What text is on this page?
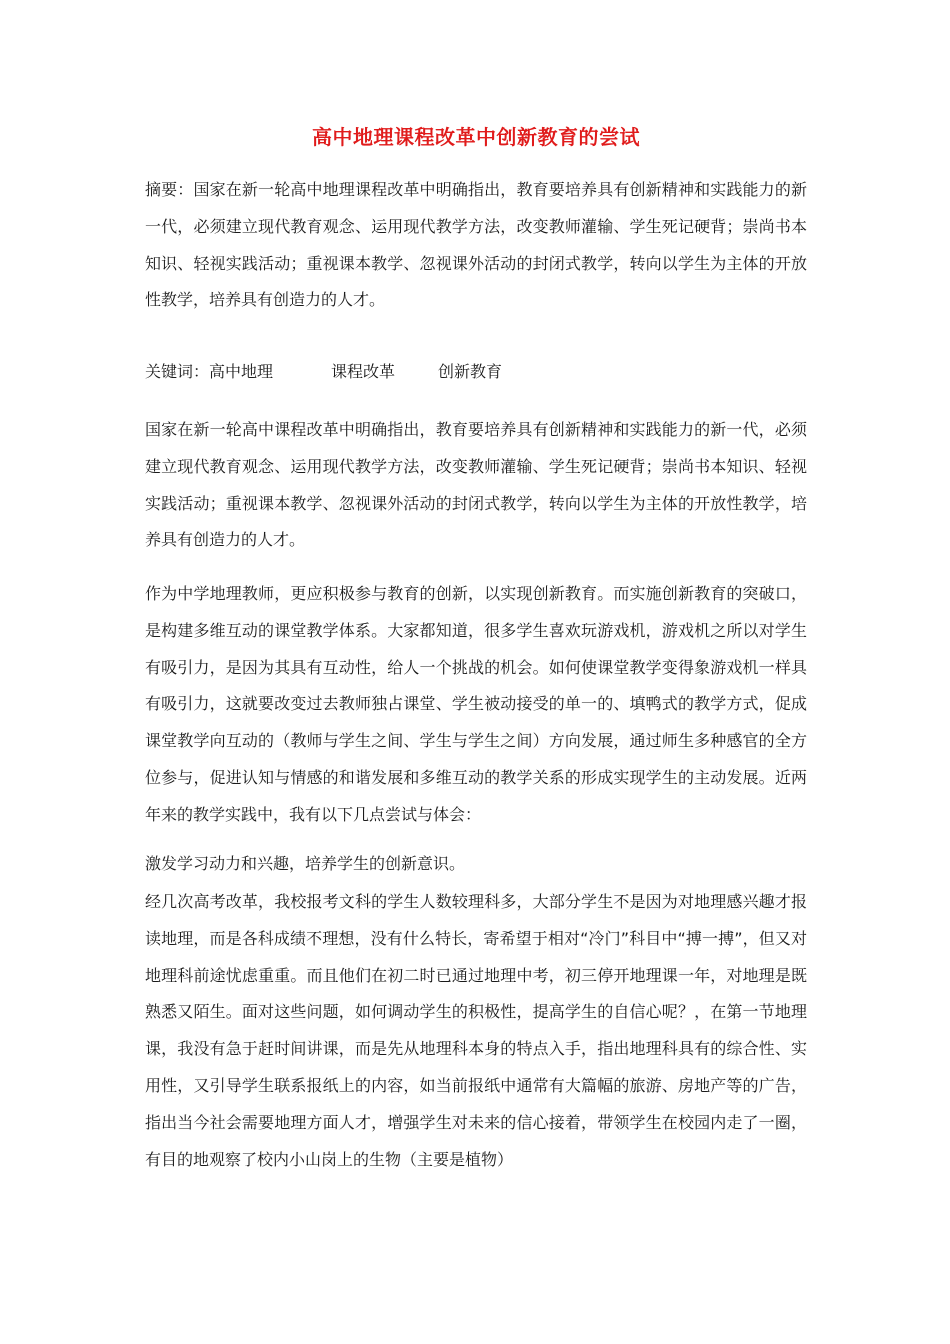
高中地理课程改革中创新教育的尝试
摘要：国家在新一轮高中地理课程改革中明确指出，教育要培养具有创新精神和实践能力的新一代，必须建立现代教育观念、运用现代教学方法，改变教师灌输、学生死记硬背；崇尚书本知识、轻视实践活动；重视课本教学、忽视课外活动的封闭式教学，转向以学生为主体的开放性教学，培养具有创造力的人才。
关键词：高中地理	课程改革	创新教育
国家在新一轮高中课程改革中明确指出，教育要培养具有创新精神和实践能力的新一代，必须建立现代教育观念、运用现代教学方法，改变教师灌输、学生死记硬背；崇尚书本知识、轻视实践活动；重视课本教学、忽视课外活动的封闭式教学，转向以学生为主体的开放性教学，培养具有创造力的人才。
作为中学地理教师，更应积极参与教育的创新，以实现创新教育。而实施创新教育的突破口，是构建多维互动的课堂教学体系。大家都知道，很多学生喜欢玩游戏机，游戏机之所以对学生有吸引力，是因为其具有互动性，给人一个挑战的机会。如何使课堂教学变得象游戏机一样具有吸引力，这就要改变过去教师独占课堂、学生被动接受的单一的、填鸭式的教学方式，促成课堂教学向互动的（教师与学生之间、学生与学生之间）方向发展，通过师生多种感官的全方位参与，促进认知与情感的和谐发展和多维互动的教学关系的形成实现学生的主动发展。近两年来的教学实践中，我有以下几点尝试与体会：
激发学习动力和兴趣，培养学生的创新意识。
经几次高考改革，我校报考文科的学生人数较理科多，大部分学生不是因为对地理感兴趣才报读地理，而是各科成绩不理想，没有什么特长，寄希望于相对“冷门”科目中“搏一搏”，但又对地理科前途忧虑重重。而且他们在初二时已通过地理中考，初三停开地理课一年，对地理是既熟悉又陌生。面对这些问题，如何调动学生的积极性，提高学生的自信心呢？，在第一节地理课，我没有急于赶时间讲课，而是先从地理科本身的特点入手，指出地理科具有的综合性、实用性，又引导学生联系报纸上的内容，如当前报纸中通常有大篇幅的旅游、房地产等的广告，指出当今社会需要地理方面人才，增强学生对未来的信心接着，带领学生在校园内走了一圈，有目的地观察了校内小山岗上的生物（主要是植物）
